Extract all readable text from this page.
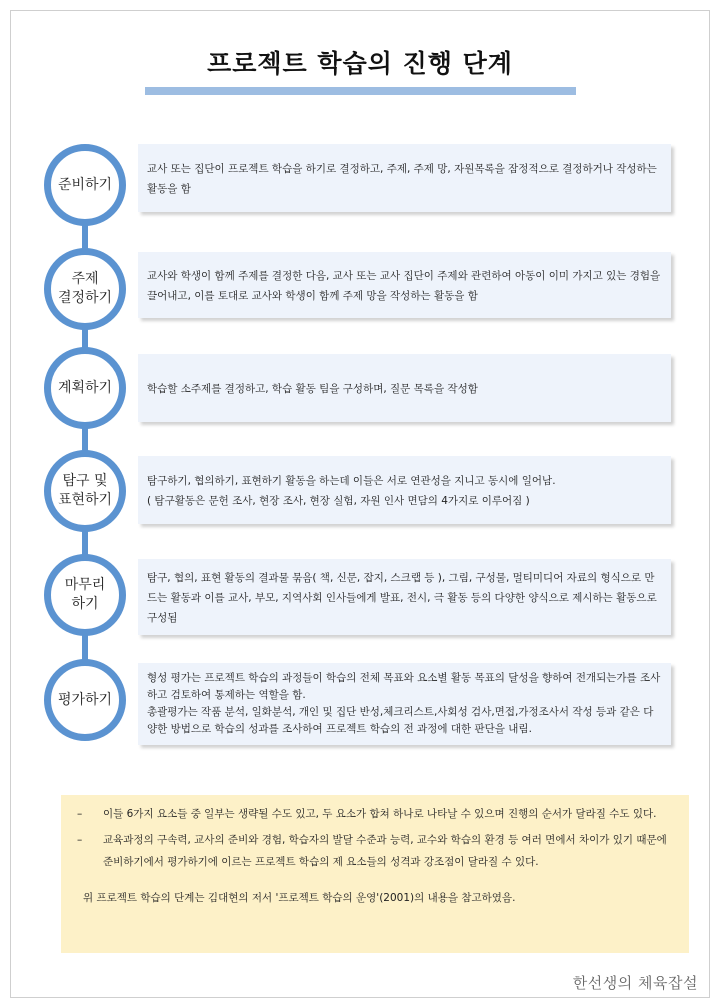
프로젝트 학습의 진행 단계
준비하기

교사 또는 집단이 프로젝트 학습을 하기로 결정하고, 주제, 주제 망, 자원목록을 잠정적으로 결정하거나 작성하는 활동을 함

주제
결정하기

교사와 학생이 함께 주제를 결정한 다음, 교사 또는 교사 집단이 주제와 관련하여 아동이 이미 가지고 있는 경험을 끌어내고, 이를 토대로 교사와 학생이 함께 주제 망을 작성하는 활동을 함

계획하기	학습할 소주제를 결정하고, 학습 활동 팀을 구성하며, 질문 목록을 작성함

탐구 및
표현하기

탐구하기, 협의하기, 표현하기 활동을 하는데 이들은 서로 연관성을 지니고 동시에 일어남.

( 탐구활동은 문헌 조사, 현장 조사, 현장 실험, 자원 인사 면담의 4가지로 이루어짐 )

마무리
하기

탐구, 협의, 표현 활동의 결과물 묶음( 책, 신문, 잡지, 스크랩 등 ), 그림, 구성물, 멀티미디어 자료의 형식으로 만드는 활동과 이를 교사, 부모, 지역사회 인사들에게 발표, 전시, 극 활동 등의 다양한 양식으로 제시하는 활동으로 구성됨

평가하기

형성 평가는 프로젝트 학습의 과정들이 학습의 전체 목표와 요소별 활동 목표의 달성을 향하여 전개되는가를 조사하고 검토하여 통제하는 역할을 함.

총괄평가는 작품 분석, 일화분석, 개인 및 집단 반성,체크리스트,사회성 검사,면접,가정조사서 작성 등과 같은 다양한 방법으로 학습의 성과를 조사하여 프로젝트 학습의 전 과정에 대한 판단을 내림.

– 이들 6가지 요소들 중 일부는 생략될 수도 있고, 두 요소가 합쳐 하나로 나타날 수 있으며 진행의 순서가 달라질 수도 있다.
– 교육과정의 구속력, 교사의 준비와 경험, 학습자의 발달 수준과 능력, 교수와 학습의 환경 등 여러 면에서 차이가 있기 때문에 준비하기에서 평가하기에 이르는 프로젝트 학습의 제 요소들의 성격과 강조점이 달라질 수 있다.
위 프로젝트 학습의 단계는 김대현의 저서 '프로젝트 학습의 운영'(2001)의 내용을 참고하였음.
한선생의 체육잡설
